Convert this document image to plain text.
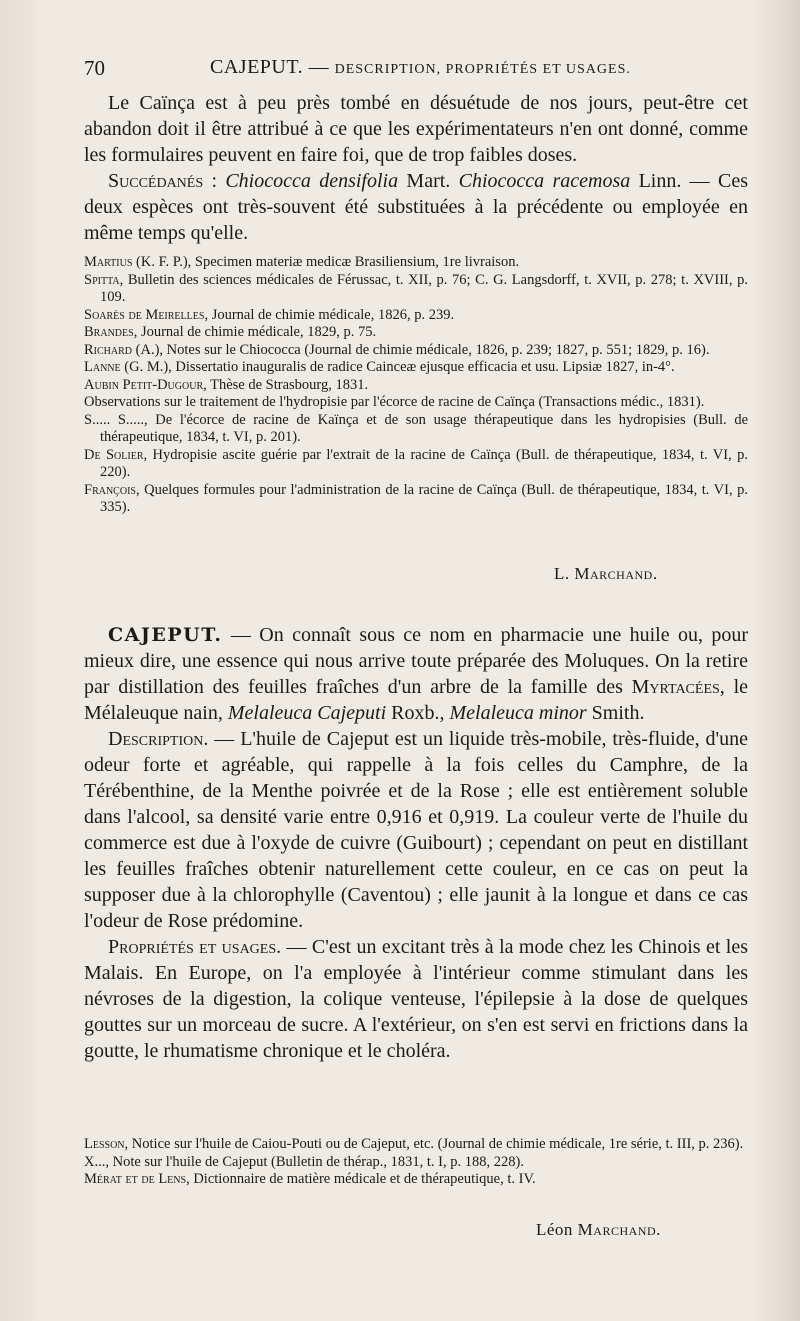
70	CAJEPUT. — DESCRIPTION, PROPRIÉTÉS ET USAGES.

Le Caïnça est à peu près tombé en désuétude de nos jours, peut-être cet abandon doit il être attribué à ce que les expérimentateurs n'en ont donné, comme les formulaires peuvent en faire foi, que de trop faibles doses.

Succédanés : Chiococca densifolia Mart. Chiococca racemosa Linn. — Ces deux espèces ont très-souvent été substituées à la précédente ou employée en même temps qu'elle.

Martius (K. F. P.), Specimen materiæ medicæ Brasiliensium, 1re livraison.

Spitta, Bulletin des sciences médicales de Férussac, t. XII, p. 76; C. G. Langsdorff, t. XVII, p. 278; t. XVIII, p. 109.

Soarès de Meirelles, Journal de chimie médicale, 1826, p. 239.

Brandes, Journal de chimie médicale, 1829, p. 75.

Richard (A.), Notes sur le Chiococca (Journal de chimie médicale, 1826, p. 239; 1827, p. 551; 1829, p. 16).

Lanne (G. M.), Dissertatio inauguralis de radice Cainceæ ejusque efficacia et usu. Lipsiæ 1827, in-4°.

Aubin Petit-Dugour, Thèse de Strasbourg, 1831.

Observations sur le traitement de l'hydropisie par l'écorce de racine de Caïnça (Transactions médic., 1831).

S..... S....., De l'écorce de racine de Kaïnça et de son usage thérapeutique dans les hydropisies (Bull. de thérapeutique, 1834, t. VI, p. 201).

De Solier, Hydropisie ascite guérie par l'extrait de la racine de Caïnça (Bull. de thérapeutique, 1834, t. VI, p. 220).

François, Quelques formules pour l'administration de la racine de Caïnça (Bull. de thérapeutique, 1834, t. VI, p. 335).

L. Marchand.

CAJEPUT. — On connaît sous ce nom en pharmacie une huile ou, pour mieux dire, une essence qui nous arrive toute préparée des Moluques. On la retire par distillation des feuilles fraîches d'un arbre de la famille des Myrtacées, le Mélaleuque nain, Melaleuca Cajeputi Roxb., Melaleuca minor Smith.

Description. — L'huile de Cajeput est un liquide très-mobile, très-fluide, d'une odeur forte et agréable, qui rappelle à la fois celles du Camphre, de la Térébenthine, de la Menthe poivrée et de la Rose ; elle est entièrement soluble dans l'alcool, sa densité varie entre 0,916 et 0,919. La couleur verte de l'huile du commerce est due à l'oxyde de cuivre (Guibourt) ; cependant on peut en distillant les feuilles fraîches obtenir naturellement cette couleur, en ce cas on peut la supposer due à la chlorophylle (Caventou) ; elle jaunit à la longue et dans ce cas l'odeur de Rose prédomine.

Propriétés et usages. — C'est un excitant très à la mode chez les Chinois et les Malais. En Europe, on l'a employée à l'intérieur comme stimulant dans les névroses de la digestion, la colique venteuse, l'épilepsie à la dose de quelques gouttes sur un morceau de sucre. A l'extérieur, on s'en est servi en frictions dans la goutte, le rhumatisme chronique et le choléra.

Lesson, Notice sur l'huile de Caiou-Pouti ou de Cajeput, etc. (Journal de chimie médicale, 1re série, t. III, p. 236).

X..., Note sur l'huile de Cajeput (Bulletin de thérap., 1831, t. I, p. 188, 228).

Mérat et de Lens, Dictionnaire de matière médicale et de thérapeutique, t. IV.

Léon Marchand.
